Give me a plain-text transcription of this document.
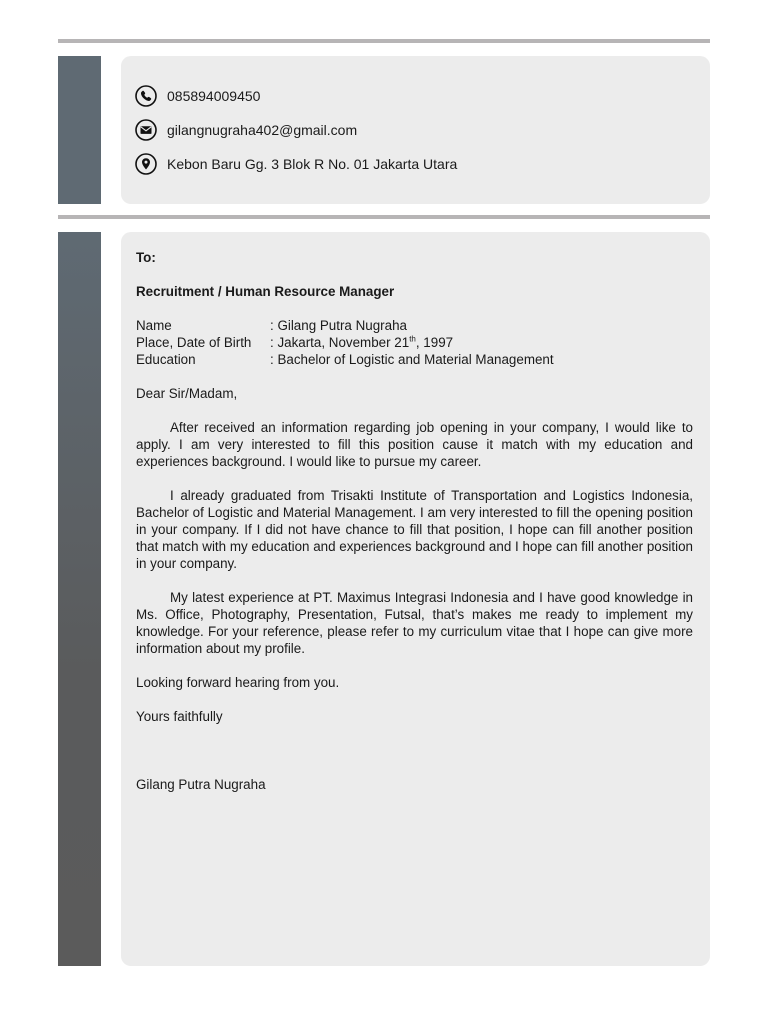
085894009450
gilangnugraha402@gmail.com
Kebon Baru Gg. 3 Blok R No. 01 Jakarta Utara

To:

Recruitment / Human Resource Manager

Name	: Gilang Putra Nugraha
Place, Date of Birth	: Jakarta, November 21th, 1997
Education	: Bachelor of Logistic and Material Management

Dear Sir/Madam,

After received an information regarding job opening in your company, I would like to apply. I am very interested to fill this position cause it match with my education and experiences background. I would like to pursue my career.

I already graduated from Trisakti Institute of Transportation and Logistics Indonesia, Bachelor of Logistic and Material Management. I am very interested to fill the opening position in your company. If I did not have chance to fill that position, I hope can fill another position that match with my education and experiences background and I hope can fill another position in your company.

My latest experience at PT. Maximus Integrasi Indonesia and I have good knowledge in Ms. Office, Photography, Presentation, Futsal, that’s makes me ready to implement my knowledge. For your reference, please refer to my curriculum vitae that I hope can give more information about my profile.

Looking forward hearing from you.

Yours faithfully

Gilang Putra Nugraha
